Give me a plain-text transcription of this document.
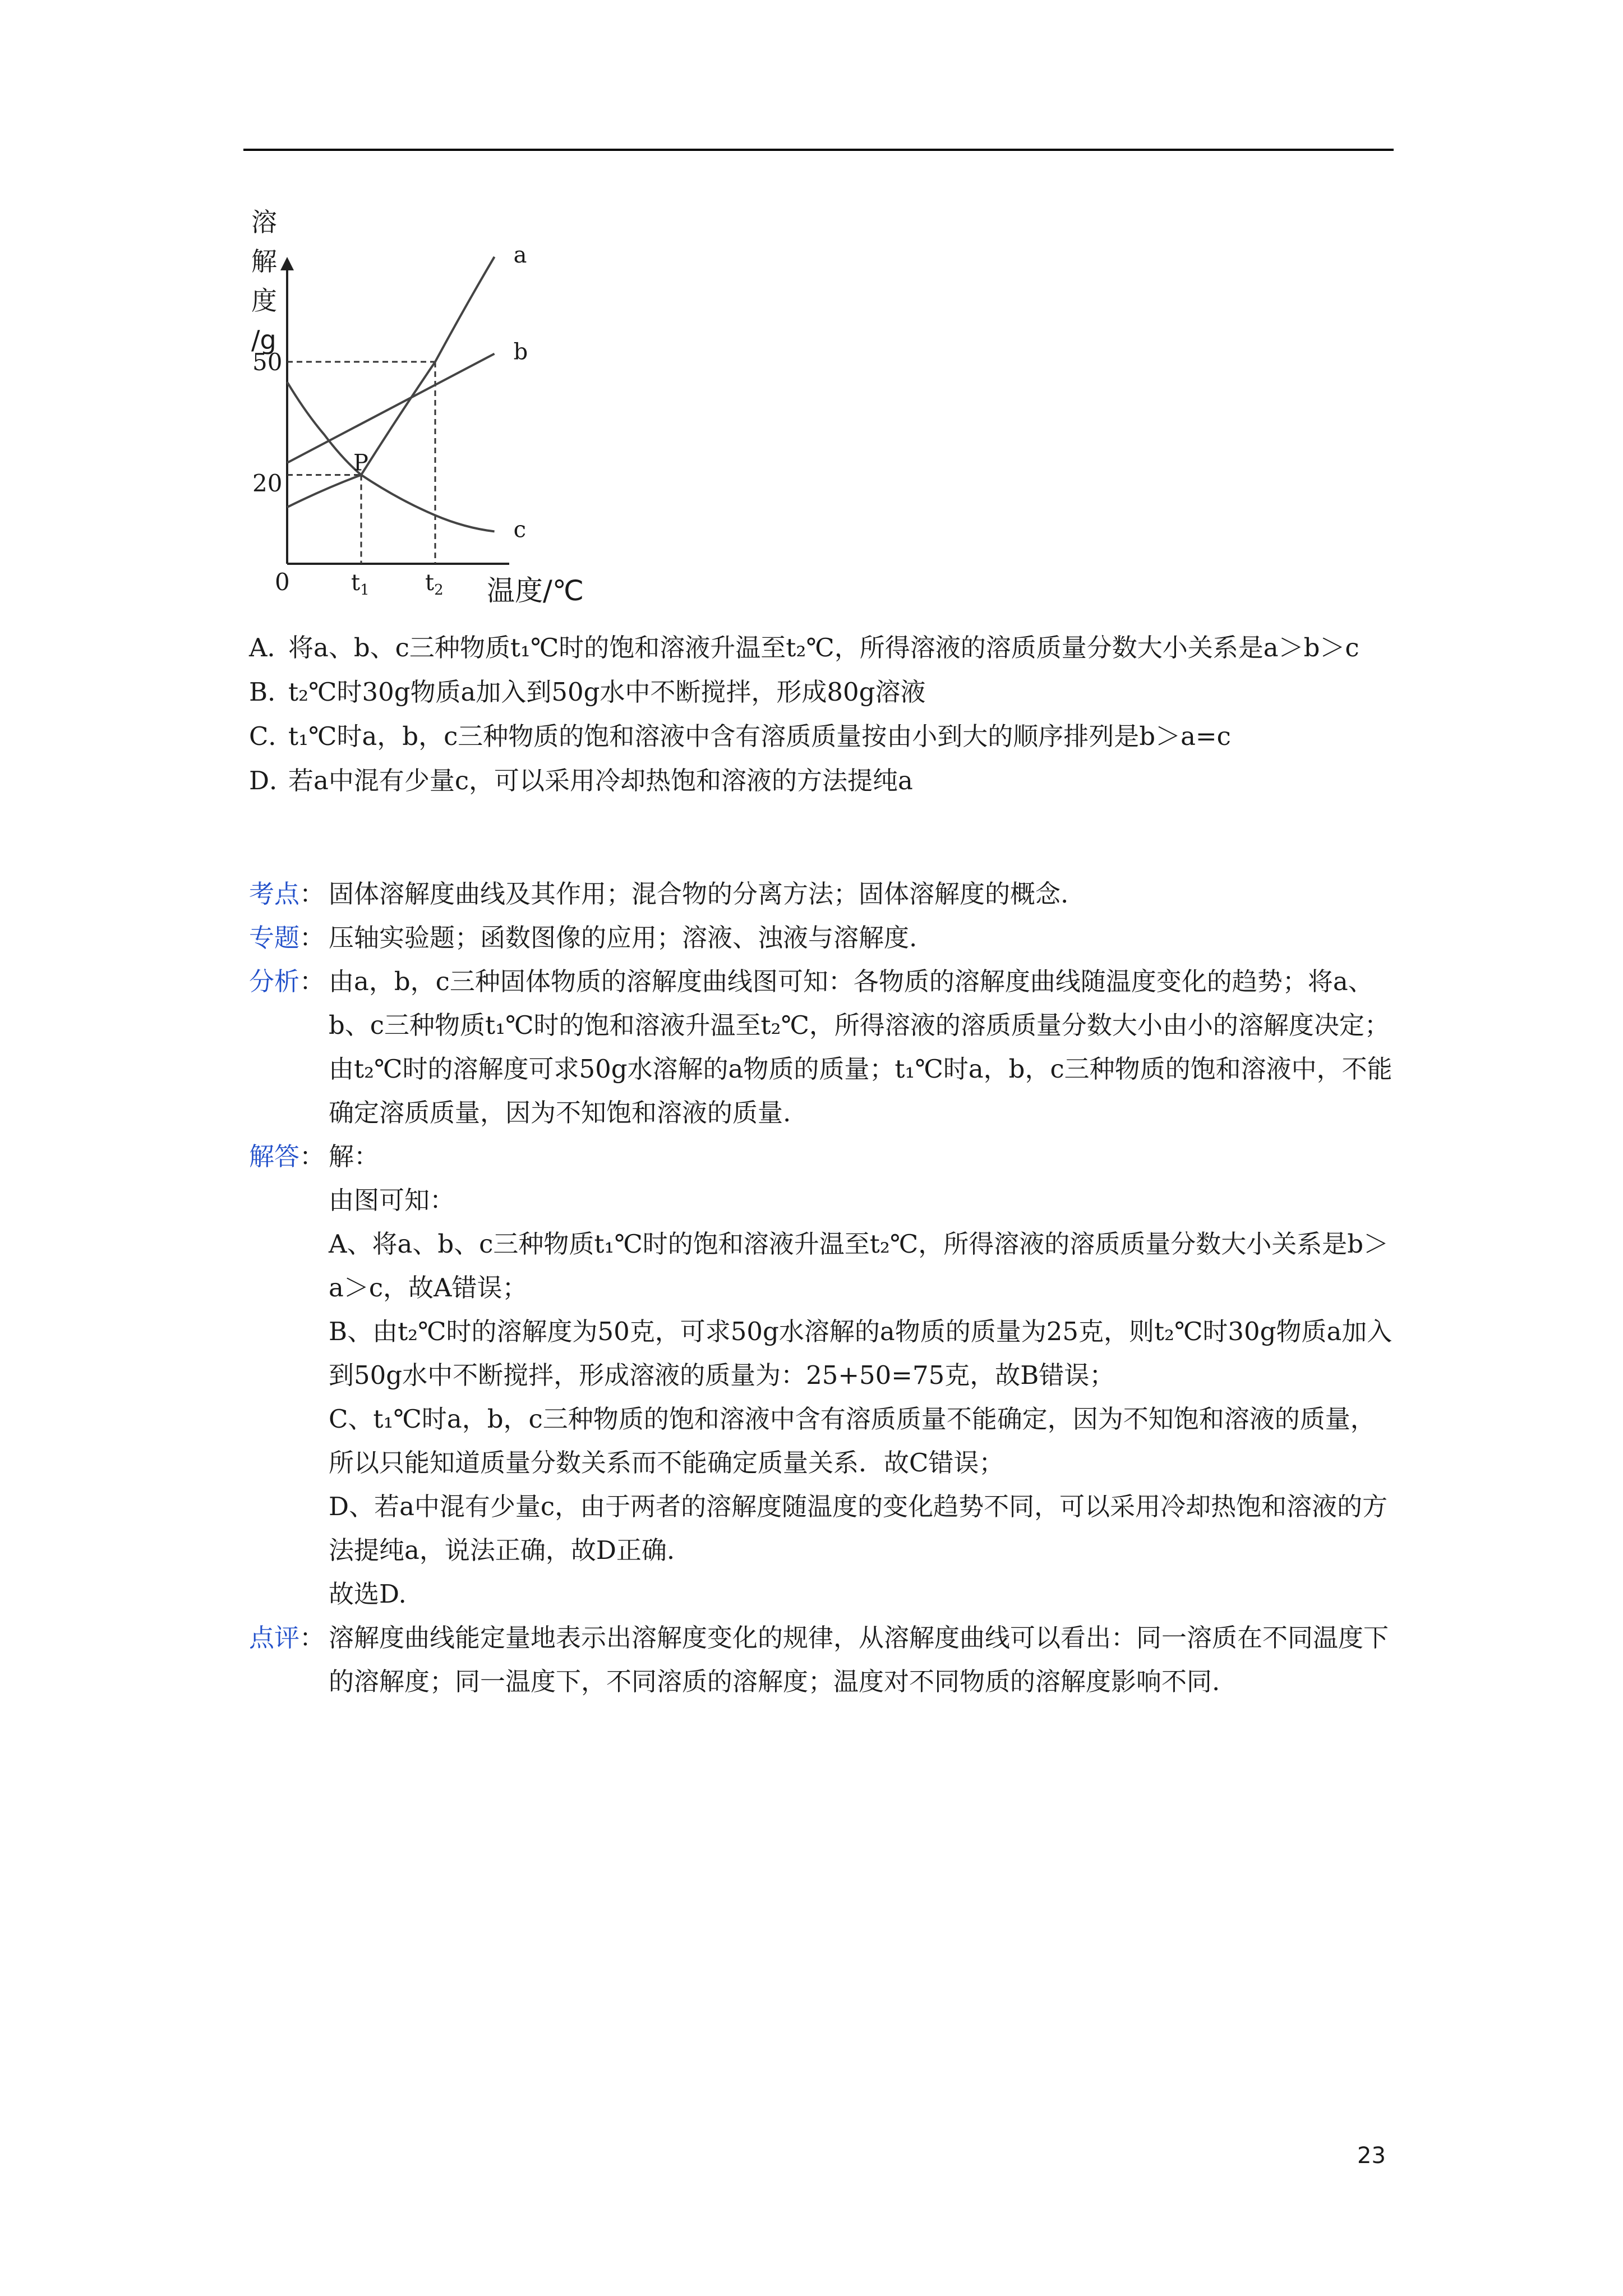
a
b
c
溶
解
度
/g
20
50
$t_1$ $t_2$
0	温度/℃
P
A．
将a、b、c三种物质t₁℃时的饱和溶液升温至t₂℃，所得溶液的溶质质量分数大小关系是a＞b＞c
B．
t₂℃时30g物质a加入到50g水中不断搅拌，形成80g溶液
C．
t₁℃时a，b，c三种物质的饱和溶液中含有溶质质量按由小到大的顺序排列是b＞a=c
D．
若a中混有少量c，可以采用冷却热饱和溶液的方法提纯a
考点： 固体溶解度曲线及其作用；混合物的分离方法；固体溶解度的概念.
专题： 压轴实验题；函数图像的应用；溶液、浊液与溶解度.
分析： 由a，b，c三种固体物质的溶解度曲线图可知：各物质的溶解度曲线随温度变化的趋势；将a、b、c三种物质t₁℃时的饱和溶液升温至t₂℃，所得溶液的溶质质量分数大小由小的溶解度决定；由t₂℃时的溶解度可求50g水溶解的a物质的质量；t₁℃时a，b，c三种物质的饱和溶液中，不能确定溶质质量，因为不知饱和溶液的质量.
解答： 解：
由图可知：
A、将a、b、c三种物质t₁℃时的饱和溶液升温至t₂℃，所得溶液的溶质质量分数大小关系是b＞a＞c，故A错误；
B、由t₂℃时的溶解度为50克，可求50g水溶解的a物质的质量为25克，则t₂℃时30g物质a加入到50g水中不断搅拌，形成溶液的质量为：25+50=75克，故B错误；
C、t₁℃时a，b，c三种物质的饱和溶液中含有溶质质量不能确定，因为不知饱和溶液的质量，所以只能知道质量分数关系而不能确定质量关系．故C错误；
D、若a中混有少量c，由于两者的溶解度随温度的变化趋势不同，可以采用冷却热饱和溶液的方法提纯a，说法正确，故D正确.
故选D.
点评： 溶解度曲线能定量地表示出溶解度变化的规律，从溶解度曲线可以看出：同一溶质在不同温度下的溶解度；同一温度下，不同溶质的溶解度；温度对不同物质的溶解度影响不同.
23
